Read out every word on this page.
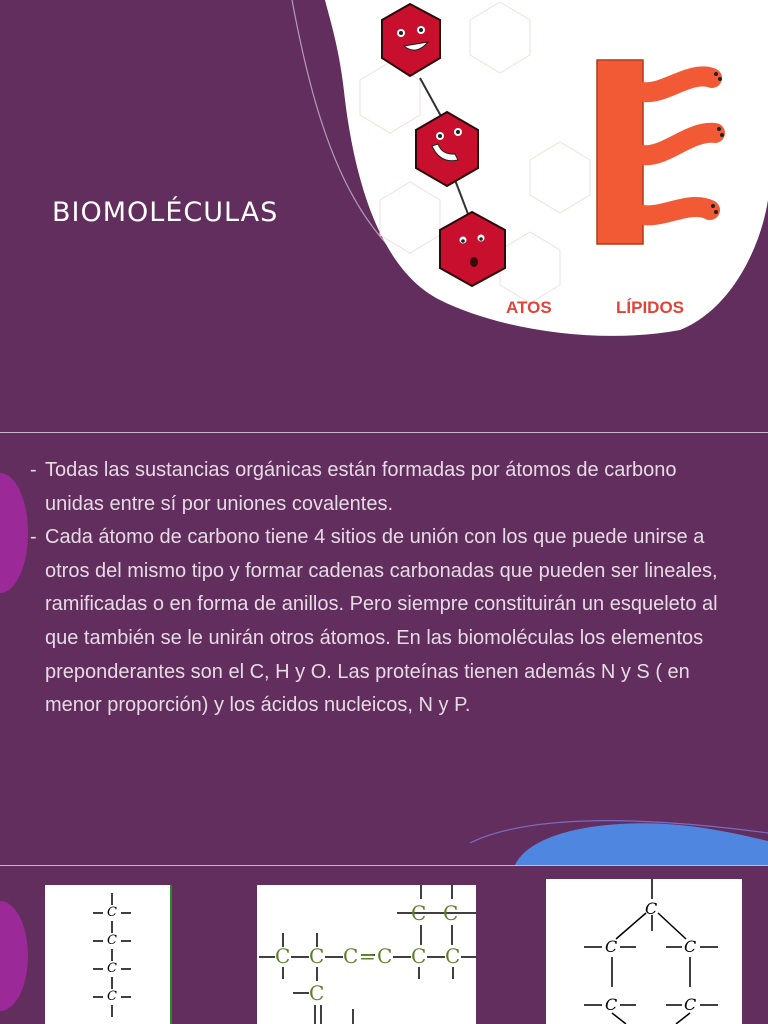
BIOMOLÉCULAS
ATOS	LÍPIDOS
- Todas las sustancias orgánicas están formadas por átomos de carbono unidas entre sí por uniones covalentes.
- Cada átomo de carbono tiene 4 sitios de unión con los que puede unirse a otros del mismo tipo y formar cadenas carbonadas que pueden ser lineales, ramificadas o en forma de anillos. Pero siempre constituirán un esqueleto al que también se le unirán otros átomos. En las biomoléculas los elementos preponderantes son el C, H y O. Las proteínas tienen además N y S ( en menor proporción) y los ácidos nucleicos, N y P.
C
C
C
C
C C
C C C = C C C
C
C
C	C
C	C
